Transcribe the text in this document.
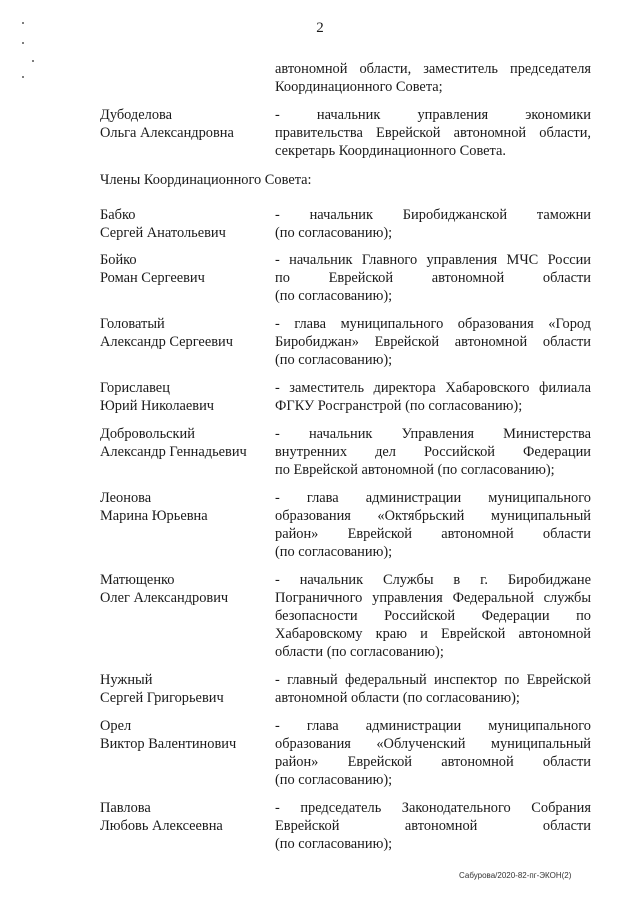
2
автономной области, заместитель председателя
Координационного Совета;
Дубоделова
Ольга Александровна
- начальник управления экономики
правительства Еврейской автономной области,
секретарь Координационного Совета.
Члены Координационного Совета:
Бабко
Сергей Анатольевич
- начальник Биробиджанской таможни
(по согласованию);
Бойко
Роман Сергеевич
- начальник Главного управления МЧС России
по Еврейской автономной области
(по согласованию);
Головатый
Александр Сергеевич
- глава муниципального образования «Город
Биробиджан» Еврейской автономной области
(по согласованию);
Гориславец
Юрий Николаевич
- заместитель директора Хабаровского филиала
ФГКУ Росгранстрой (по согласованию);
Добровольский
Александр Геннадьевич
- начальник Управления Министерства
внутренних дел Российской Федерации
по Еврейской автономной (по согласованию);
Леонова
Марина Юрьевна
- глава администрации муниципального
образования «Октябрьский муниципальный
район» Еврейской автономной области
(по согласованию);
Матющенко
Олег Александрович
- начальник Службы в г. Биробиджане
Пограничного управления Федеральной службы
безопасности Российской Федерации по
Хабаровскому краю и Еврейской автономной
области (по согласованию);
Нужный
Сергей Григорьевич
- главный федеральный инспектор по Еврейской
автономной области (по согласованию);
Орел
Виктор Валентинович
- глава администрации муниципального
образования «Облученский муниципальный
район» Еврейской автономной области
(по согласованию);
Павлова
Любовь Алексеевна
- председатель Законодательного Собрания
Еврейской автономной области
(по согласованию);
Сабурова/2020-82-пг-ЭКОН(2)
